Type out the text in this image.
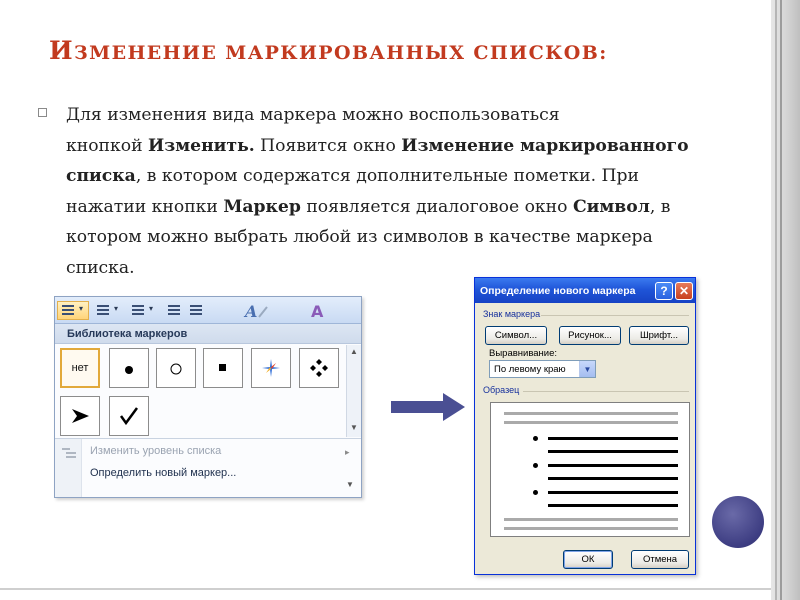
ИЗМЕНЕНИЕ МАРКИРОВАННЫХ СПИСКОВ:
Для изменения вида маркера можно воспользоваться
кнопкой Изменить. Появится окно Изменение маркированного
списка, в котором содержатся дополнительные пометки. При
нажатии кнопки Маркер появляется диалоговое окно Символ, в
котором можно выбрать любой из символов в качестве маркера
списка.
▾	▾	▾	A	A
Библиотека маркеров
нет
▲
▼
Изменить уровень списка	▸
Определить новый маркер...
▼
Определение нового маркера	? ✕
Знак маркера
Символ...	Рисунок...	Шрифт...
Выравнивание:
По левому краю	▼
Образец
ОК	Отмена
